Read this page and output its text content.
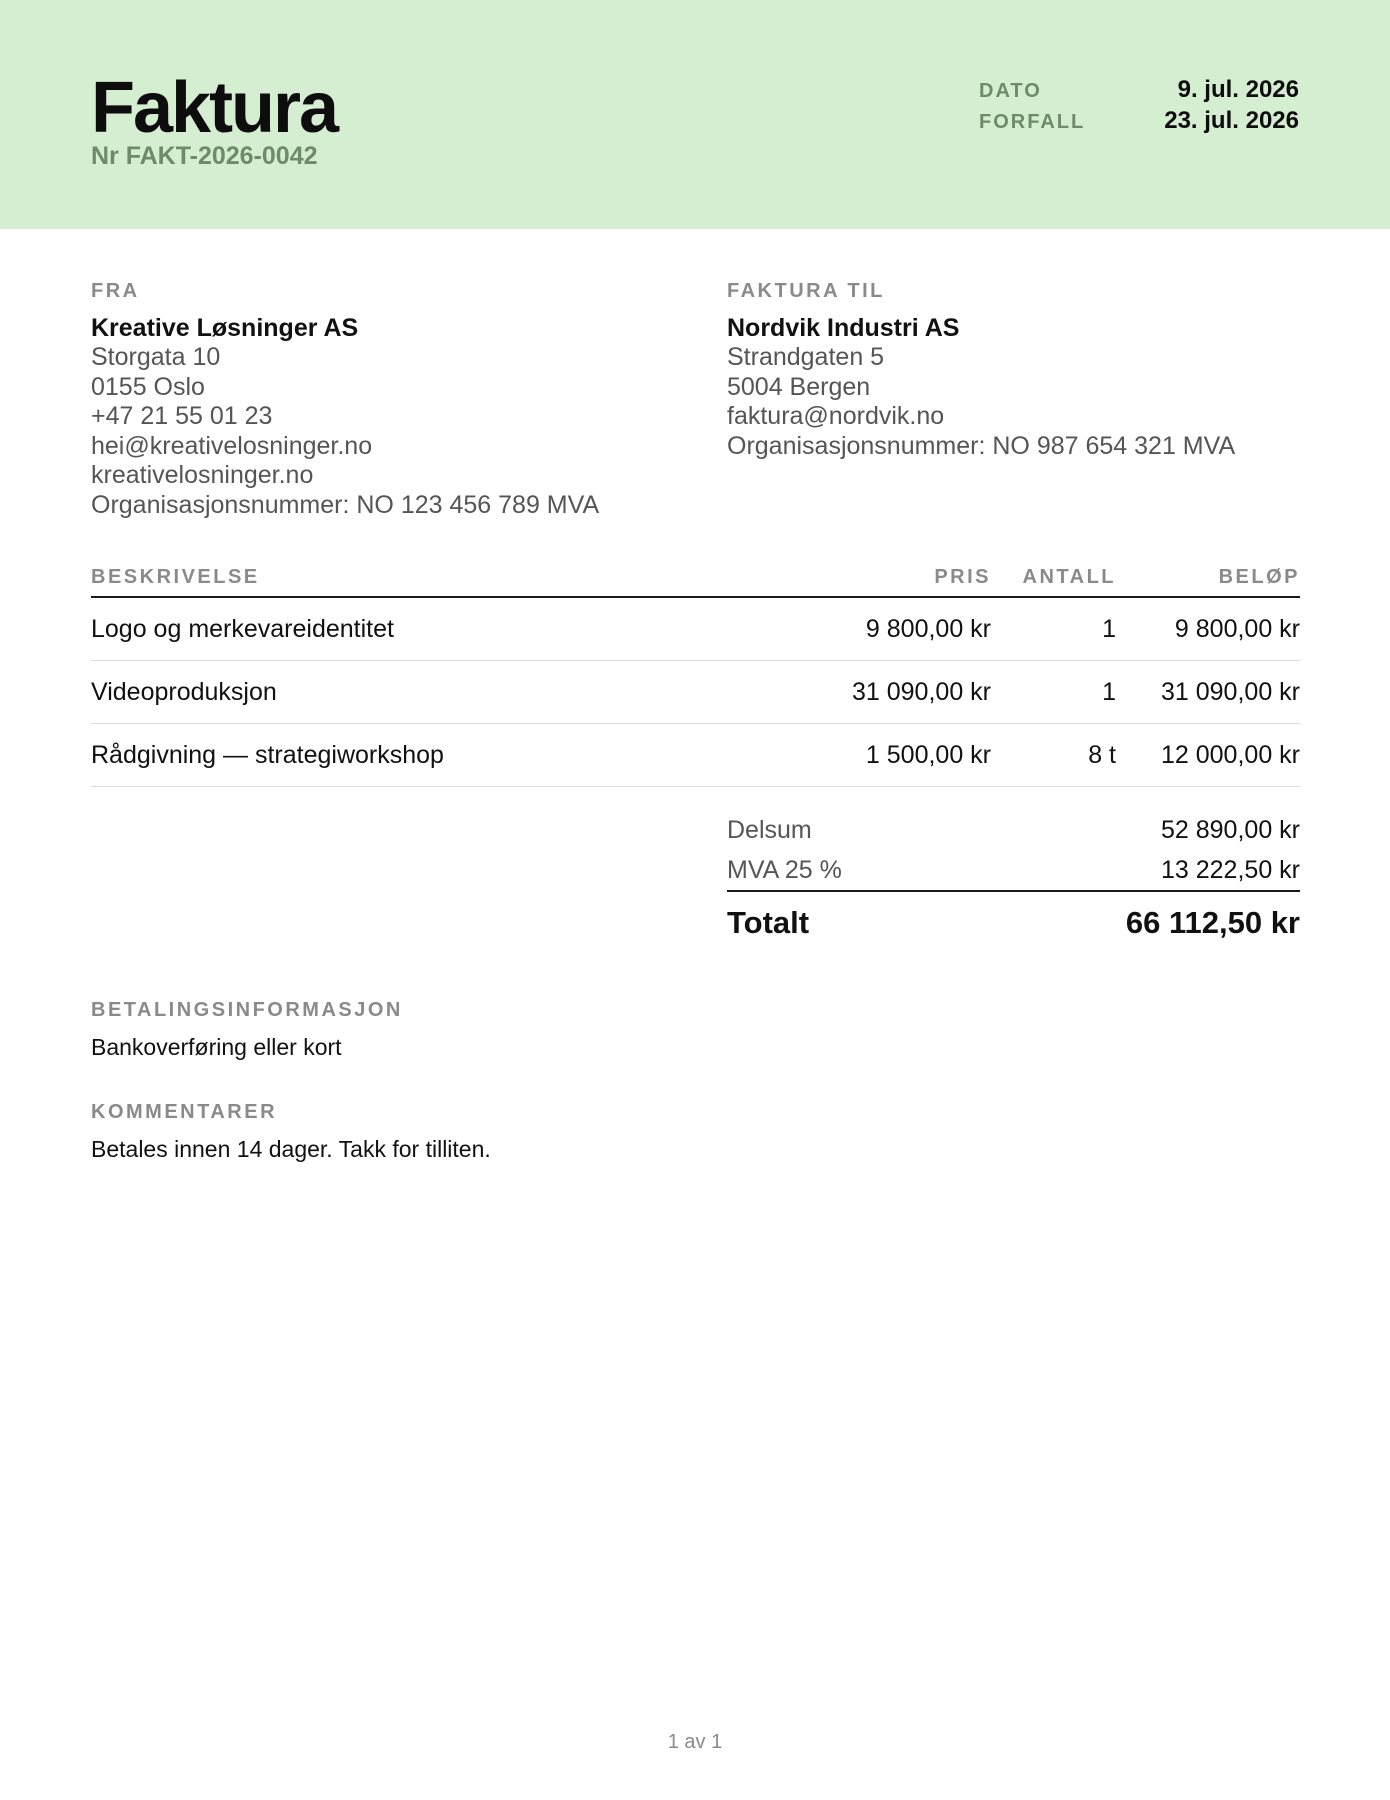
Faktura
Nr FAKT-2026-0042
DATO	9. jul. 2026
FORFALL	23. jul. 2026
FRA
Kreative Løsninger AS
Storgata 10
0155 Oslo
+47 21 55 01 23
hei@kreativelosninger.no
kreativelosninger.no
Organisasjonsnummer: NO 123 456 789 MVA
FAKTURA TIL
Nordvik Industri AS
Strandgaten 5
5004 Bergen
faktura@nordvik.no
Organisasjonsnummer: NO 987 654 321 MVA
BESKRIVELSE	PRIS	ANTALL	BELØP
Logo og merkevareidentitet	9 800,00 kr	1	9 800,00 kr
Videoproduksjon	31 090,00 kr	1	31 090,00 kr
Rådgivning — strategiworkshop	1 500,00 kr	8 t	12 000,00 kr
Delsum	52 890,00 kr
MVA 25 %	13 222,50 kr
Totalt	66 112,50 kr
BETALINGSINFORMASJON
Bankoverføring eller kort
KOMMENTARER
Betales innen 14 dager. Takk for tilliten.
1 av 1
